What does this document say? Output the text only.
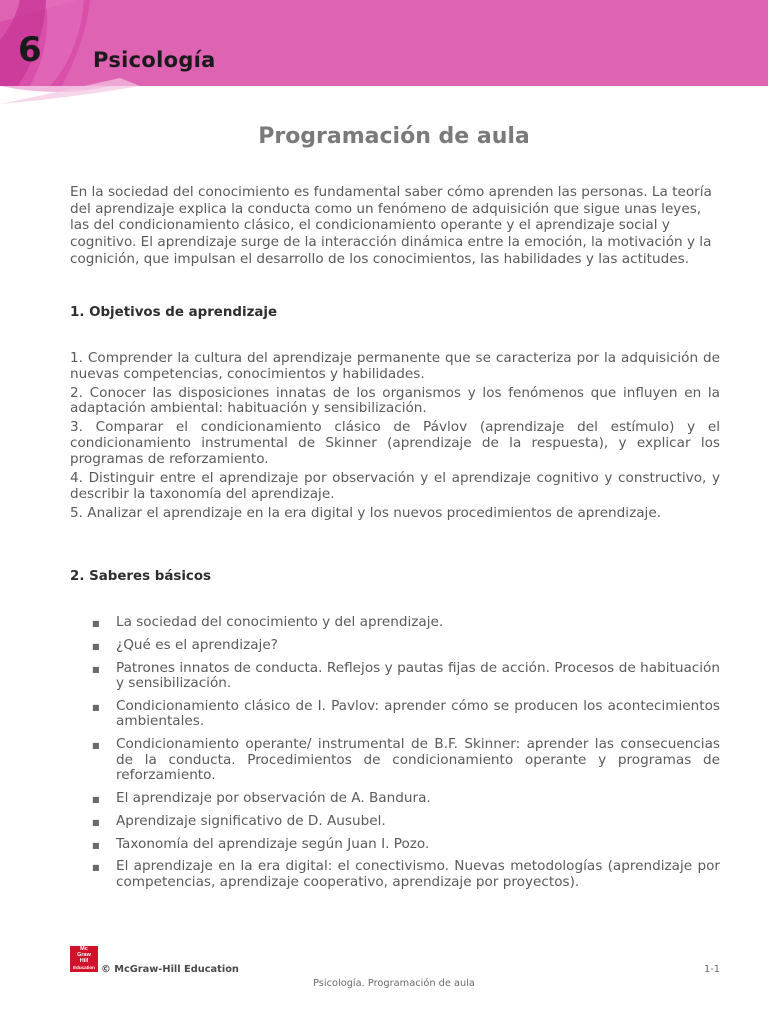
6 Psicología
Programación de aula

En la sociedad del conocimiento es fundamental saber cómo aprenden las personas. La teoría del aprendizaje explica la conducta como un fenómeno de adquisición que sigue unas leyes, las del condicionamiento clásico, el condicionamiento operante y el aprendizaje social y cognitivo. El aprendizaje surge de la interacción dinámica entre la emoción, la motivación y la cognición, que impulsan el desarrollo de los conocimientos, las habilidades y las actitudes.

1. Objetivos de aprendizaje

1. Comprender la cultura del aprendizaje permanente que se caracteriza por la adquisición de nuevas competencias, conocimientos y habilidades.

2. Conocer las disposiciones innatas de los organismos y los fenómenos que influyen en la adaptación ambiental: habituación y sensibilización.

3. Comparar el condicionamiento clásico de Pávlov (aprendizaje del estímulo) y el condicionamiento instrumental de Skinner (aprendizaje de la respuesta), y explicar los programas de reforzamiento.

4. Distinguir entre el aprendizaje por observación y el aprendizaje cognitivo y constructivo, y describir la taxonomía del aprendizaje.

5. Analizar el aprendizaje en la era digital y los nuevos procedimientos de aprendizaje.

2. Saberes básicos
■ La sociedad del conocimiento y del aprendizaje.
■ ¿Qué es el aprendizaje?
■ Patrones innatos de conducta. Reflejos y pautas fijas de acción. Procesos de habituación y sensibilización.
■ Condicionamiento clásico de I. Pavlov: aprender cómo se producen los acontecimientos ambientales.
■ Condicionamiento operante/ instrumental de B.F. Skinner: aprender las consecuencias de la conducta. Procedimientos de condicionamiento operante y programas de reforzamiento.
■ El aprendizaje por observación de A. Bandura.
■ Aprendizaje significativo de D. Ausubel.
■ Taxonomía del aprendizaje según Juan I. Pozo.
■ El aprendizaje en la era digital: el conectivismo. Nuevas metodologías (aprendizaje por competencias, aprendizaje cooperativo, aprendizaje por proyectos).
Mc
Graw
Hill
Education © McGraw-Hill Education	1-1
Psicología. Programación de aula
